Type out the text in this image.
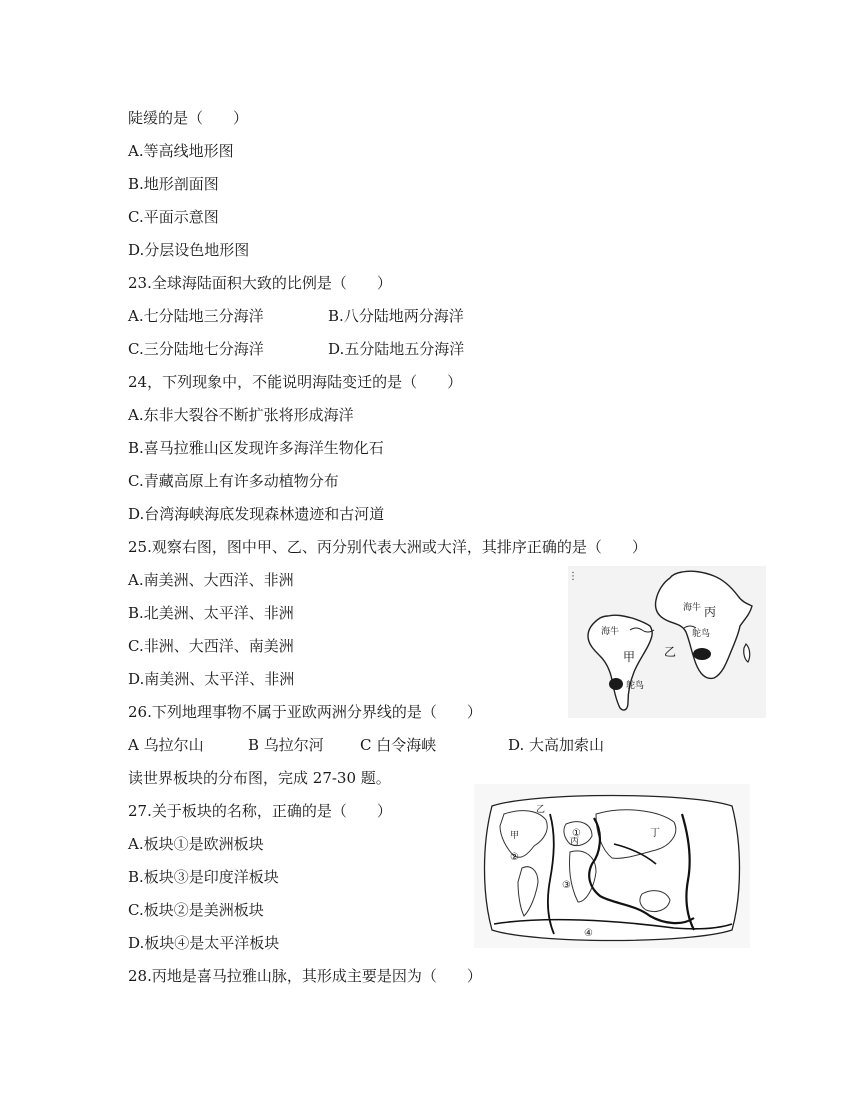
陡缓的是（　　）
A.等高线地形图
B.地形剖面图
C.平面示意图
D.分层设色地形图
23.全球海陆面积大致的比例是（　　）
A.七分陆地三分海洋	B.八分陆地两分海洋
C.三分陆地七分海洋	D.五分陆地五分海洋
24，下列现象中，不能说明海陆变迁的是（　　）
A.东非大裂谷不断扩张将形成海洋
B.喜马拉雅山区发现许多海洋生物化石
C.青藏高原上有许多动植物分布
D.台湾海峡海底发现森林遗迹和古河道
25.观察右图，图中甲、乙、丙分别代表大洲或大洋，其排序正确的是（　　）
A.南美洲、大西洋、非洲
B.北美洲、太平洋、非洲
C.非洲、大西洋、南美洲
D.南美洲、太平洋、非洲
⋮
海牛 丙
鸵鸟
海牛
甲 乙
鸵鸟
26.下列地理事物不属于亚欧两洲分界线的是（　　）
A 乌拉尔山	B 乌拉尔河 C 白令海峡	D. 大高加索山
读世界板块的分布图，完成 27-30 题。
27.关于板块的名称，正确的是（　　）
A.板块①是欧洲板块
B.板块③是印度洋板块
C.板块②是美洲板块
D.板块④是太平洋板块
甲
乙
①
丙
丁
②
③
④
28.丙地是喜马拉雅山脉，其形成主要是因为（　　）
